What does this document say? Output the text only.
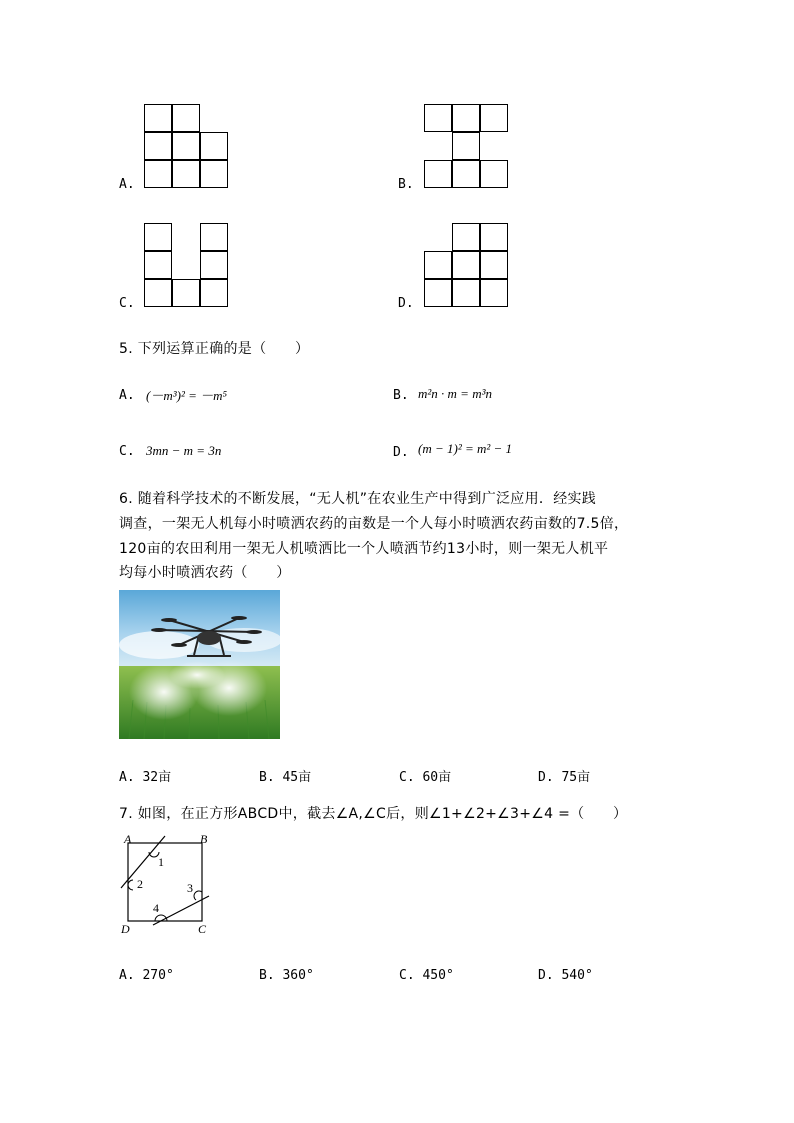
A.	B.
C.	D.
5. 下列运算正确的是（　　）
A. (－m³)² = －m⁵	B. m²n · m = m³n
C. 3mn − m = 3n	D. (m − 1)² = m² − 1
6. 随着科学技术的不断发展，“无人机”在农业生产中得到广泛应用．经实践
调查，一架无人机每小时喷洒农药的亩数是一个人每小时喷洒农药亩数的7.5倍，
120亩的农田利用一架无人机喷洒比一个人喷洒节约13小时，则一架无人机平
均每小时喷洒农药（　　）
A. 32亩	B. 45亩	C. 60亩	D. 75亩
7. 如图，在正方形ABCD中，截去∠A,∠C后，则∠1+∠2+∠3+∠4 =（　　）
A	B
C
D
1
2	3
4
A. 270°	B. 360°	C. 450°	D. 540°
